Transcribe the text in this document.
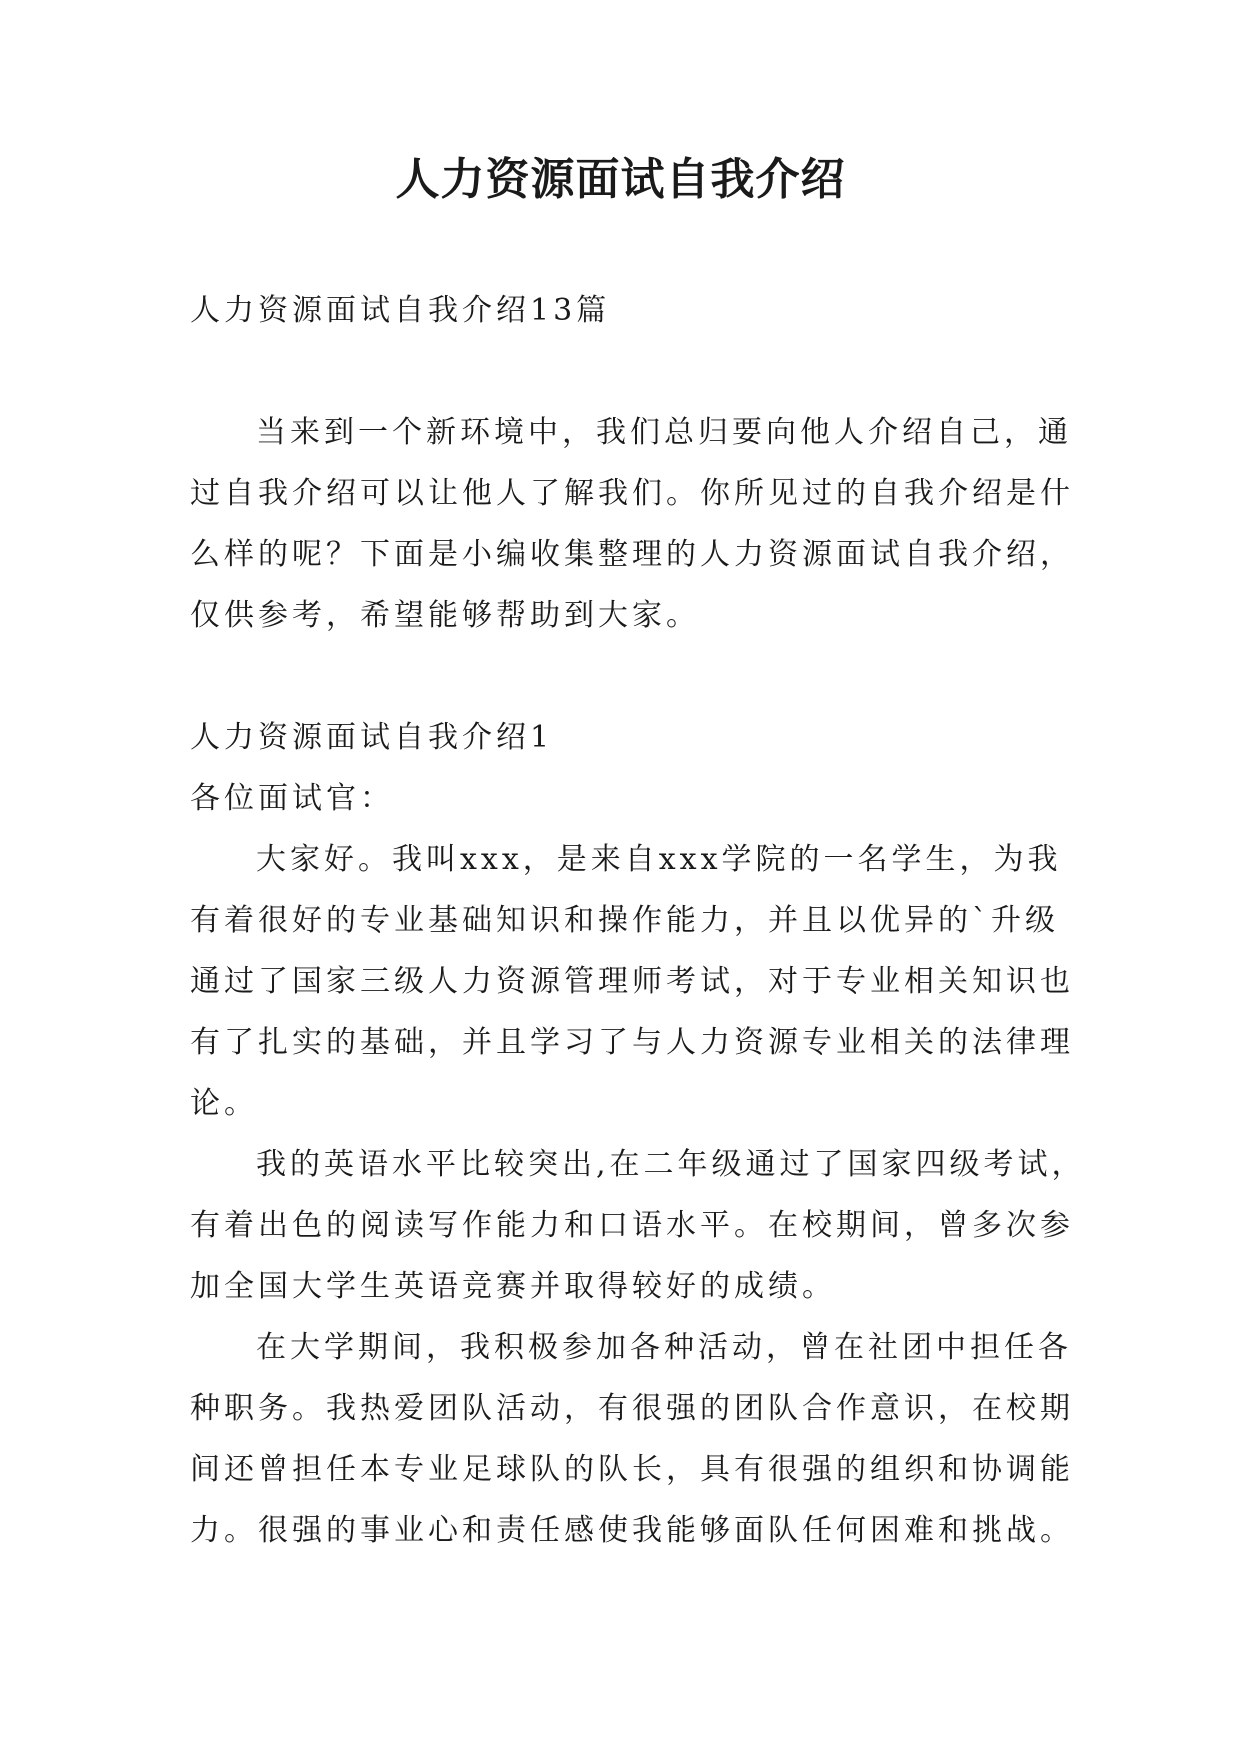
人力资源面试自我介绍
人力资源面试自我介绍13篇
当来到一个新环境中，我们总归要向他人介绍自己，通
过自我介绍可以让他人了解我们。你所见过的自我介绍是什
么样的呢？下面是小编收集整理的人力资源面试自我介绍，
仅供参考，希望能够帮助到大家。
人力资源面试自我介绍1
各位面试官：
大家好。我叫xxx，是来自xxx学院的一名学生，为我
有着很好的专业基础知识和操作能力，并且以优异的`升级
通过了国家三级人力资源管理师考试，对于专业相关知识也
有了扎实的基础，并且学习了与人力资源专业相关的法律理
论。
我的英语水平比较突出,在二年级通过了国家四级考试，
有着出色的阅读写作能力和口语水平。在校期间，曾多次参
加全国大学生英语竞赛并取得较好的成绩。
在大学期间，我积极参加各种活动，曾在社团中担任各
种职务。我热爱团队活动，有很强的团队合作意识，在校期
间还曾担任本专业足球队的队长，具有很强的组织和协调能
力。很强的事业心和责任感使我能够面队任何困难和挑战。
